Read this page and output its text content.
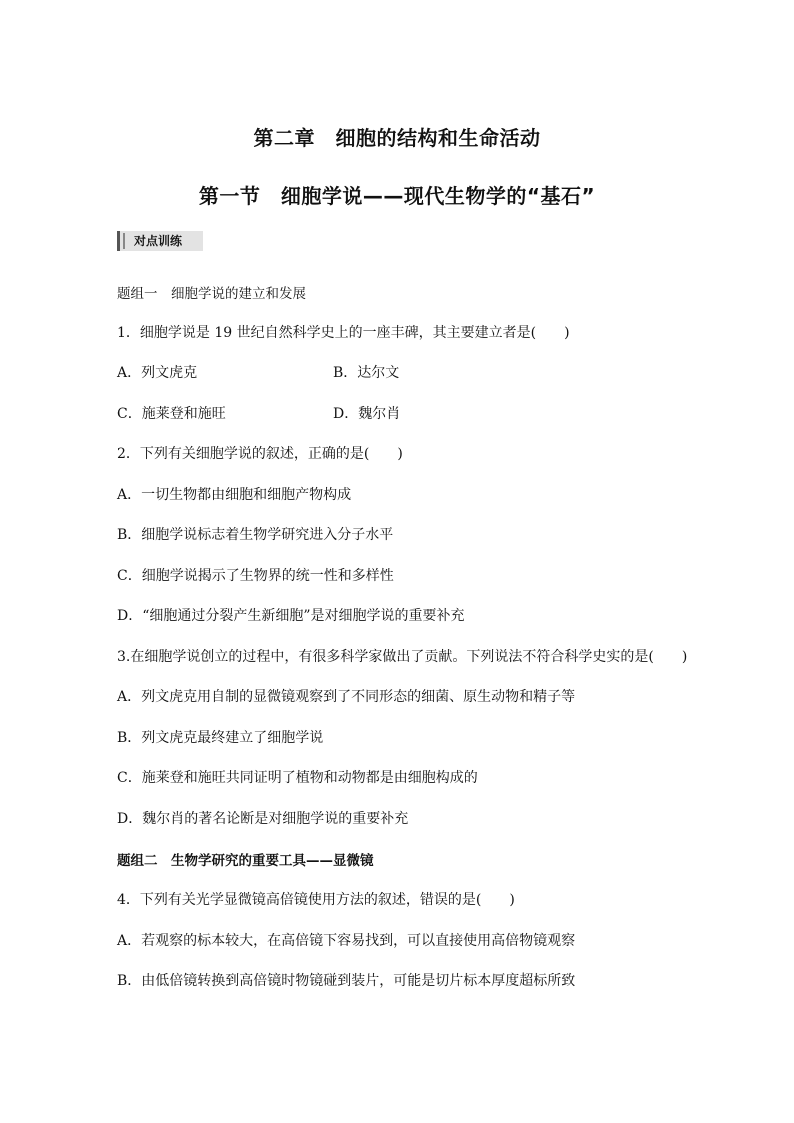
第二章　细胞的结构和生命活动
第一节　细胞学说——现代生物学的“基石”
对点训练
题组一　细胞学说的建立和发展
1．细胞学说是 19 世纪自然科学史上的一座丰碑，其主要建立者是(　　)
A．列文虎克	B．达尔文
C．施莱登和施旺	D．魏尔肖
2．下列有关细胞学说的叙述，正确的是(　　)
A．一切生物都由细胞和细胞产物构成
B．细胞学说标志着生物学研究进入分子水平
C．细胞学说揭示了生物界的统一性和多样性
D．“细胞通过分裂产生新细胞”是对细胞学说的重要补充
3.在细胞学说创立的过程中，有很多科学家做出了贡献。下列说法不符合科学史实的是(　　)
A．列文虎克用自制的显微镜观察到了不同形态的细菌、原生动物和精子等
B．列文虎克最终建立了细胞学说
C．施莱登和施旺共同证明了植物和动物都是由细胞构成的
D．魏尔肖的著名论断是对细胞学说的重要补充
题组二　生物学研究的重要工具——显微镜
4．下列有关光学显微镜高倍镜使用方法的叙述，错误的是(　　)
A．若观察的标本较大，在高倍镜下容易找到，可以直接使用高倍物镜观察
B．由低倍镜转换到高倍镜时物镜碰到装片，可能是切片标本厚度超标所致
